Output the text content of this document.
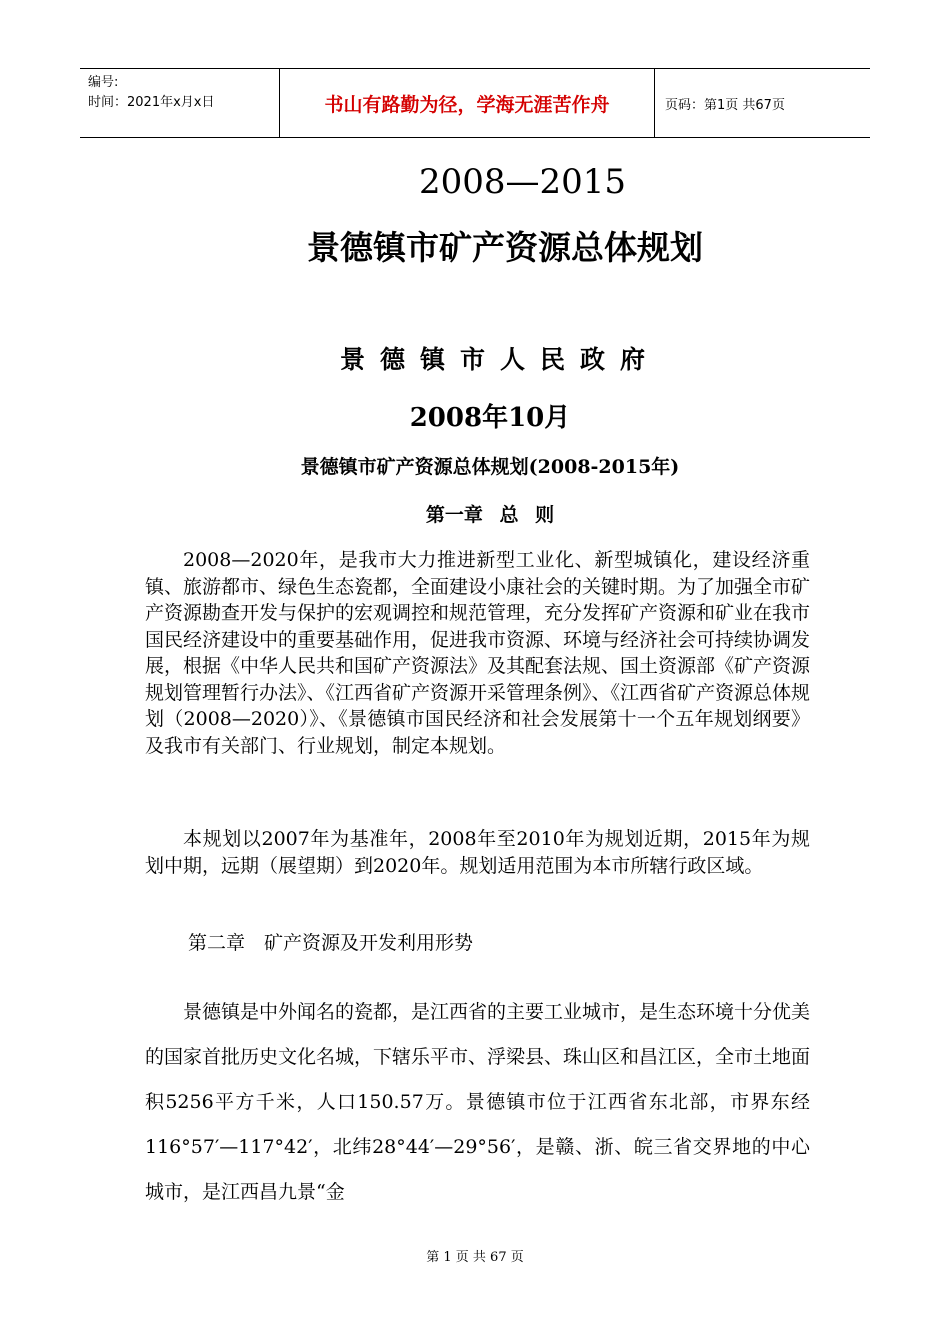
编号:
时间：2021年x月x日	书山有路勤为径，学海无涯苦作舟	页码：第1页 共67页
2008—2015
景德镇市矿产资源总体规划
景德镇市人民政府
2008年10月
景德镇市矿产资源总体规划(2008-2015年)
第一章 总 则
2008—2020年，是我市大力推进新型工业化、新型城镇化，建设经济重镇、旅游都市、绿色生态瓷都，全面建设小康社会的关键时期。为了加强全市矿产资源勘查开发与保护的宏观调控和规范管理，充分发挥矿产资源和矿业在我市国民经济建设中的重要基础作用，促进我市资源、环境与经济社会可持续协调发展，根据《中华人民共和国矿产资源法》及其配套法规、国土资源部《矿产资源规划管理暂行办法》、《江西省矿产资源开采管理条例》、《江西省矿产资源总体规划（2008—2020）》、《景德镇市国民经济和社会发展第十一个五年规划纲要》及我市有关部门、行业规划，制定本规划。
本规划以2007年为基准年，2008年至2010年为规划近期，2015年为规划中期，远期（展望期）到2020年。规划适用范围为本市所辖行政区域。
第二章　矿产资源及开发利用形势
景德镇是中外闻名的瓷都，是江西省的主要工业城市，是生态环境十分优美的国家首批历史文化名城，下辖乐平市、浮梁县、珠山区和昌江区，全市土地面积5256平方千米，人口150.57万。景德镇市位于江西省东北部，市界东经116°57′—117°42′，北纬28°44′—29°56′，是赣、浙、皖三省交界地的中心城市，是江西昌九景“金
第 1 页 共 67 页
